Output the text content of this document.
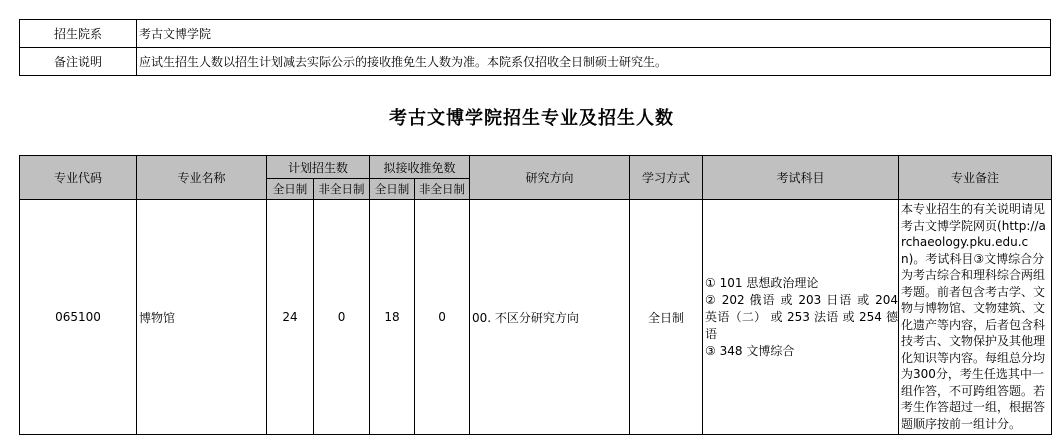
招生院系	考古文博学院
备注说明	应试生招生人数以招生计划减去实际公示的接收推免生人数为准。本院系仅招收全日制硕士研究生。
考古文博学院招生专业及招生人数
专业代码	专业名称	计划招生数		拟接收推免数		研究方向	学习方式	考试科目	专业备注
		全日制	非全日制	全日制	非全日制				
065100	博物馆	24	0	18	0	00. 不区分研究方向	全日制	① 101 思想政治理论
② 202 俄语 或 203 日语 或 204 英语（二） 或 253 法语 或 254 德语
③ 348 文博综合	本专业招生的有关说明请见考古文博学院网页(http://archaeology.pku.edu.cn)。考试科目③文博综合分为考古综合和理科综合两组考题。前者包含考古学、文物与博物馆、文物建筑、文化遗产等内容，后者包含科技考古、文物保护及其他理化知识等内容。每组总分均为300分，考生任选其中一组作答，不可跨组答题。若考生作答超过一组，根据答题顺序按前一组计分。
